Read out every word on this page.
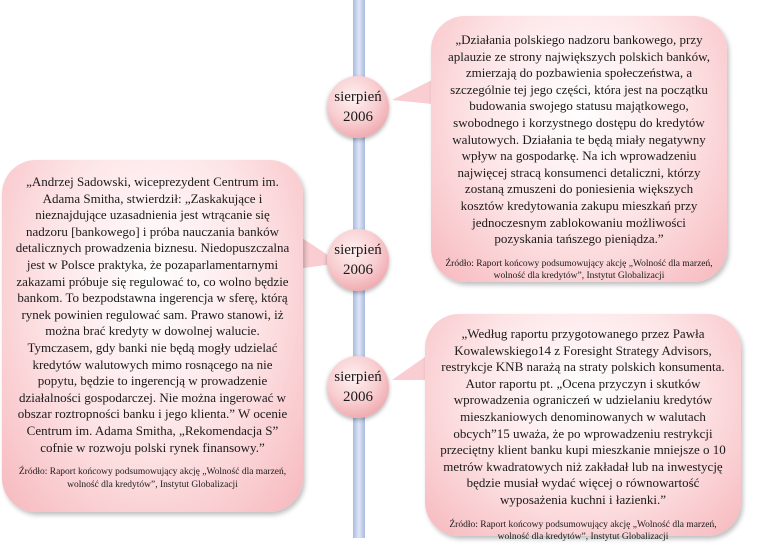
„Działania polskiego nadzoru bankowego, przy aplauzie ze strony największych polskich banków, zmierzają do pozbawienia społeczeństwa, a szczególnie tej jego części, która jest na początku budowania swojego statusu majątkowego, swobodnego i korzystnego dostępu do kredytów walutowych. Działania te będą miały negatywny wpływ na gospodarkę. Na ich wprowadzeniu najwięcej stracą konsumenci detaliczni, którzy zostaną zmuszeni do poniesienia większych kosztów kredytowania zakupu mieszkań przy jednoczesnym zablokowaniu możliwości pozyskania tańszego pieniądza.”

Źródło: Raport końcowy podsumowujący akcję „Wolność dla marzeń, wolność dla kredytów”, Instytut Globalizacji

sierpień
2006

„Andrzej Sadowski, wiceprezydent Centrum im. Adama Smitha, stwierdził: „Zaskakujące i nieznajdujące uzasadnienia jest wtrącanie się nadzoru [bankowego] i próba nauczania banków detalicznych prowadzenia biznesu. Niedopuszczalna jest w Polsce praktyka, że pozaparlamentarnymi zakazami próbuje się regulować to, co wolno będzie bankom. To bezpodstawna ingerencja w sferę, którą rynek powinien regulować sam. Prawo stanowi, iż można brać kredyty w dowolnej walucie. Tymczasem, gdy banki nie będą mogły udzielać kredytów walutowych mimo rosnącego na nie popytu, będzie to ingerencją w prowadzenie działalności gospodarczej. Nie można ingerować w obszar roztropności banku i jego klienta.” W ocenie Centrum im. Adama Smitha, „Rekomendacja S” cofnie w rozwoju polski rynek finansowy.”

Źródło: Raport końcowy podsumowujący akcję „Wolność dla marzeń, wolność dla kredytów”, Instytut Globalizacji

sierpień
2006

„Według raportu przygotowanego przez Pawła Kowalewskiego14 z Foresight Strategy Advisors, restrykcje KNB narażą na straty polskich konsumenta. Autor raportu pt. „Ocena przyczyn i skutków wprowadzenia ograniczeń w udzielaniu kredytów mieszkaniowych denominowanych w walutach obcych”15 uważa, że po wprowadzeniu restrykcji przeciętny klient banku kupi mieszkanie mniejsze o 10 metrów kwadratowych niż zakładał lub na inwestycję będzie musiał wydać więcej o równowartość wyposażenia kuchni i łazienki.”

Źródło: Raport końcowy podsumowujący akcję „Wolność dla marzeń, wolność dla kredytów”, Instytut Globalizacji

sierpień
2006
